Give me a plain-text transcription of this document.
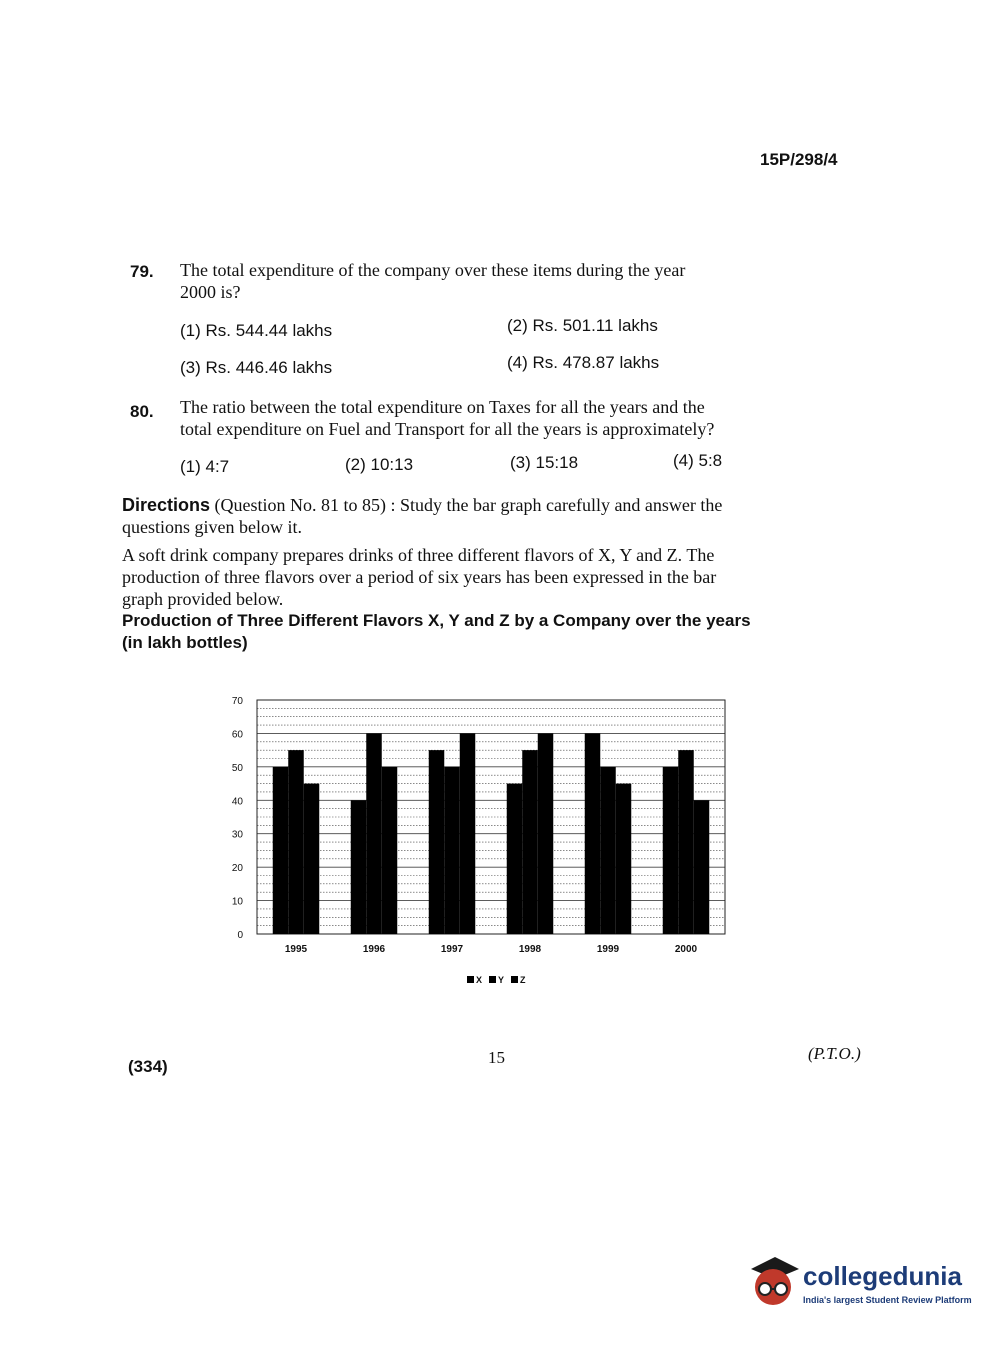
15P/298/4
79. The total expenditure of the company over these items during the year
2000 is?
(1) Rs. 544.44 lakhs	(2) Rs. 501.11 lakhs
(3) Rs. 446.46 lakhs	(4) Rs. 478.87 lakhs
80. The ratio between the total expenditure on Taxes for all the years and the
total expenditure on Fuel and Transport for all the years is approximately?
(1) 4:7	(2) 10:13	(3) 15:18	(4) 5:8
Directions (Question No. 81 to 85) : Study the bar graph carefully and answer the
questions given below it.
A soft drink company prepares drinks of three different flavors of X, Y and Z. The
production of three flavors over a period of six years has been expressed in the bar
graph provided below.
Production of Three Different Flavors X, Y and Z by a Company over the years
(in lakh bottles)
0
10
20
30
40
50
60
70
1995	1996	1997	1998	1999	2000
X Y Z
(334)	15	(P.T.O.)
collegedunia
India's largest Student Review Platform
